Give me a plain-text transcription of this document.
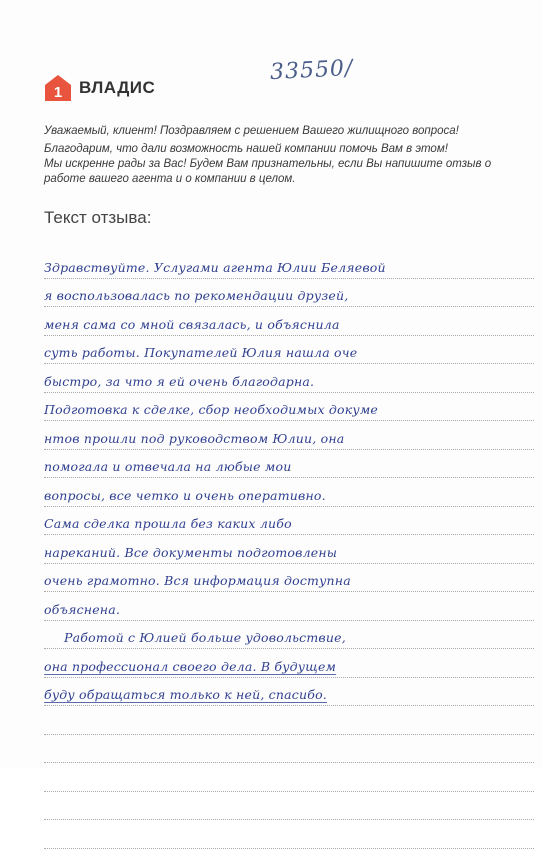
1 ВЛАДИС
33550/

Уважаемый, клиент! Поздравляем с решением Вашего жилищного вопроса!

Благодарим, что дали возможность нашей компании помочь Вам в этом!

Мы искренне рады за Вас! Будем Вам признательны, если Вы напишите отзыв о работе вашего агента и о компании в целом.

Текст отзыва:
Здравствуйте. Услугами агента Юлии Беляевой
я воспользовалась по рекомендации друзей,
меня сама со мной связалась, и объяснила
суть работы. Покупателей Юлия нашла оче
быстро, за что я ей очень благодарна.
Подготовка к сделке, сбор необходимых докуме
нтов прошли под руководством Юлии, она
помогала и отвечала на любые мои
вопросы, все четко и очень оперативно.
Сама сделка прошла без каких либо
нареканий. Все документы подготовлены
очень грамотно. Вся информация доступна
объяснена.
Работой с Юлией больше удовольствие,
она профессионал своего дела. В будущем
буду обращаться только к ней, спасибо.
